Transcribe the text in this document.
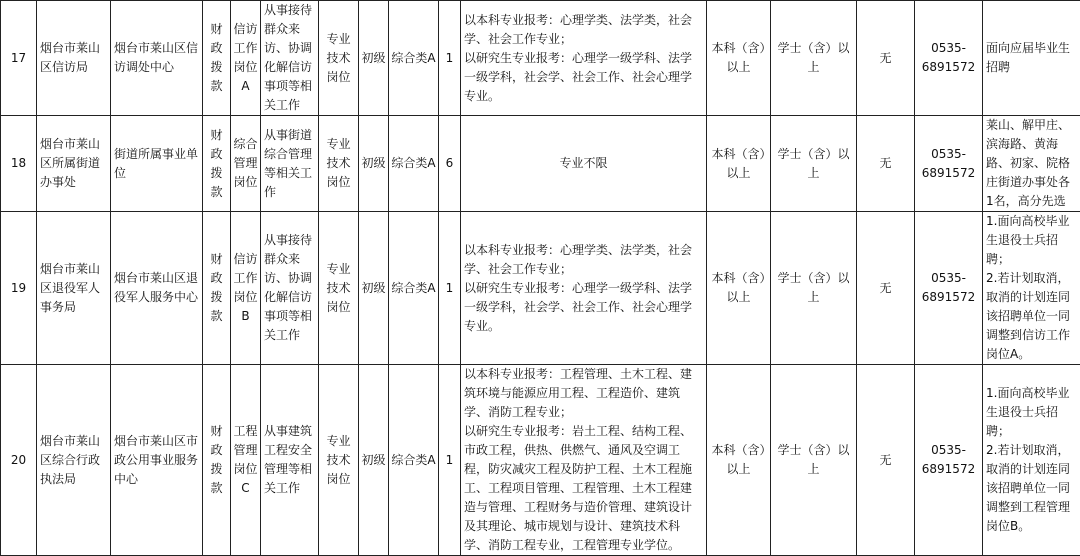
17	烟台市莱山区信访局	烟台市莱山区信访调处中心	财政拨款	信访工作岗位A	从事接待群众来访、协调化解信访事项等相关工作	专业技术岗位	初级	综合类A	1	以本科专业报考：心理学类、法学类，社会学、社会工作专业；
以研究生专业报考：心理学一级学科、法学一级学科，社会学、社会工作、社会心理学专业。	本科（含）以上	学士（含）以上	无	0535-6891572	面向应届毕业生招聘

18	烟台市莱山区所属街道办事处	街道所属事业单位	财政拨款	综合管理岗位	从事街道综合管理等相关工作	专业技术岗位	初级	综合类A	6	专业不限	本科（含）以上	学士（含）以上	无	0535-6891572	莱山、解甲庄、滨海路、黄海路、初家、院格庄街道办事处各1名，高分先选

19	烟台市莱山区退役军人事务局	烟台市莱山区退役军人服务中心	财政拨款	信访工作岗位B	从事接待群众来访、协调化解信访事项等相关工作	专业技术岗位	初级	综合类A	1	以本科专业报考：心理学类、法学类，社会学、社会工作专业；
以研究生专业报考：心理学一级学科、法学一级学科，社会学、社会工作、社会心理学专业。	本科（含）以上	学士（含）以上	无	0535-6891572	1.面向高校毕业生退役士兵招聘；
2.若计划取消，取消的计划连同该招聘单位一同调整到信访工作岗位A。

20	烟台市莱山区综合行政执法局	烟台市莱山区市政公用事业服务中心	财政拨款	工程管理岗位C	从事建筑工程安全管理等相关工作	专业技术岗位	初级	综合类A	1	以本科专业报考：工程管理、土木工程、建筑环境与能源应用工程、工程造价、建筑学、消防工程专业；
以研究生专业报考：岩土工程、结构工程、市政工程，供热、供燃气、通风及空调工程，防灾减灾工程及防护工程、土木工程施工、工程项目管理、工程管理、土木工程建造与管理、工程财务与造价管理、建筑设计及其理论、城市规划与设计、建筑技术科学、消防工程专业，工程管理专业学位。	本科（含）以上	学士（含）以上	无	0535-6891572	1.面向高校毕业生退役士兵招聘；
2.若计划取消，取消的计划连同该招聘单位一同调整到工程管理岗位B。
